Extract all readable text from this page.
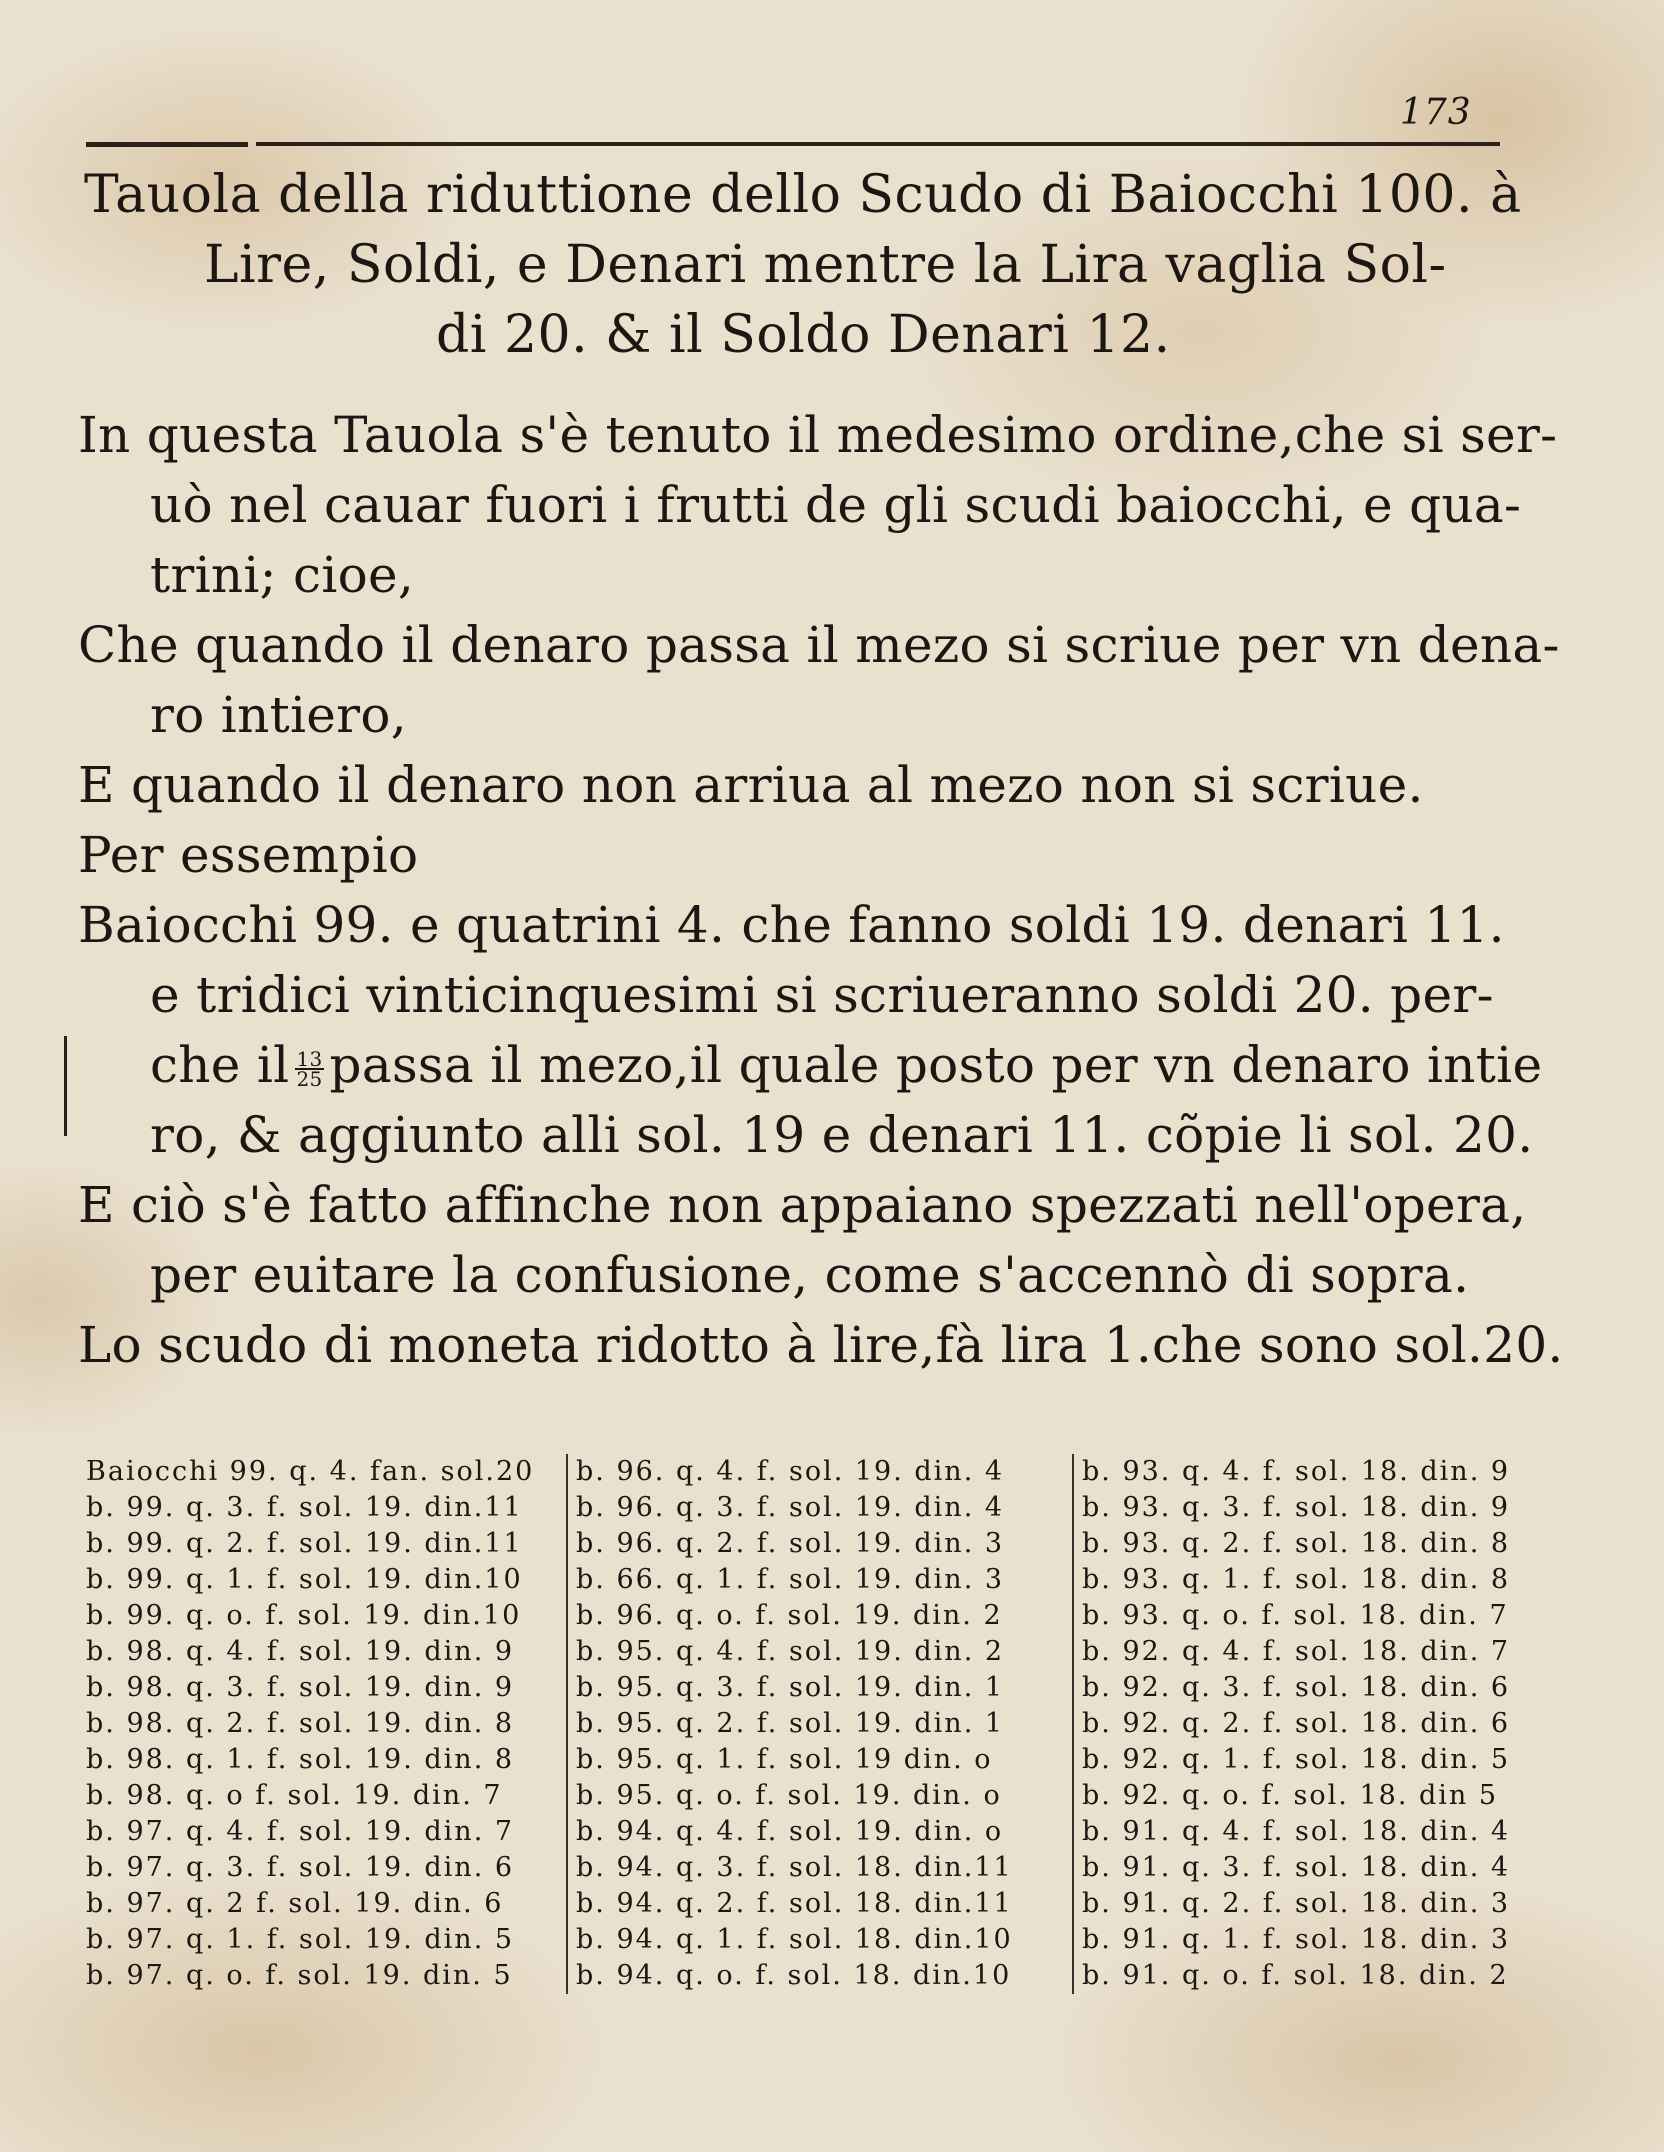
173
Tauola della riduttione dello Scudo di Baiocchi 100. à
Lire, Soldi, e Denari mentre la Lira vaglia Sol-
di 20. & il Soldo Denari 12.
In questa Tauola s'è tenuto il medesimo ordine,che si ser-
uò nel cauar fuori i frutti de gli scudi baiocchi, e qua-
trini; cioe,
Che quando il denaro passa il mezo si scriue per vn dena-
ro intiero,
E quando il denaro non arriua al mezo non si scriue.
Per essempio
Baiocchi 99. e quatrini 4. che fanno soldi 19. denari 11.
e tridici vinticinquesimi si scriueranno soldi 20. per-
che il $\frac{13}{25}$ passa il mezo,il quale posto per vn denaro intie
ro, & aggiunto alli sol. 19 e denari 11. cõpie li sol. 20.
E ciò s'è fatto affinche non appaiano spezzati nell'opera,
per euitare la confusione, come s'accennò di sopra.
Lo scudo di moneta ridotto à lire,fà lira 1.che sono sol.20.
Baiocchi 99. q. 4. fan. sol.20
b. 99. q. 3. f. sol. 19. din.11
b. 99. q. 2. f. sol. 19. din.11
b. 99. q. 1. f. sol. 19. din.10
b. 99. q. o. f. sol. 19. din.10
b. 98. q. 4. f. sol. 19. din. 9
b. 98. q. 3. f. sol. 19. din. 9
b. 98. q. 2. f. sol. 19. din. 8
b. 98. q. 1. f. sol. 19. din. 8
b. 98. q. o f. sol. 19. din. 7
b. 97. q. 4. f. sol. 19. din. 7
b. 97. q. 3. f. sol. 19. din. 6
b. 97. q. 2 f. sol. 19. din. 6
b. 97. q. 1. f. sol. 19. din. 5
b. 97. q. o. f. sol. 19. din. 5
b. 96. q. 4. f. sol. 19. din. 4
b. 96. q. 3. f. sol. 19. din. 4
b. 96. q. 2. f. sol. 19. din. 3
b. 66. q. 1. f. sol. 19. din. 3
b. 96. q. o. f. sol. 19. din. 2
b. 95. q. 4. f. sol. 19. din. 2
b. 95. q. 3. f. sol. 19. din. 1
b. 95. q. 2. f. sol. 19. din. 1
b. 95. q. 1. f. sol. 19 din. o
b. 95. q. o. f. sol. 19. din. o
b. 94. q. 4. f. sol. 19. din. o
b. 94. q. 3. f. sol. 18. din.11
b. 94. q. 2. f. sol. 18. din.11
b. 94. q. 1. f. sol. 18. din.10
b. 94. q. o. f. sol. 18. din.10
b. 93. q. 4. f. sol. 18. din. 9
b. 93. q. 3. f. sol. 18. din. 9
b. 93. q. 2. f. sol. 18. din. 8
b. 93. q. 1. f. sol. 18. din. 8
b. 93. q. o. f. sol. 18. din. 7
b. 92. q. 4. f. sol. 18. din. 7
b. 92. q. 3. f. sol. 18. din. 6
b. 92. q. 2. f. sol. 18. din. 6
b. 92. q. 1. f. sol. 18. din. 5
b. 92. q. o. f. sol. 18. din 5
b. 91. q. 4. f. sol. 18. din. 4
b. 91. q. 3. f. sol. 18. din. 4
b. 91. q. 2. f. sol. 18. din. 3
b. 91. q. 1. f. sol. 18. din. 3
b. 91. q. o. f. sol. 18. din. 2
